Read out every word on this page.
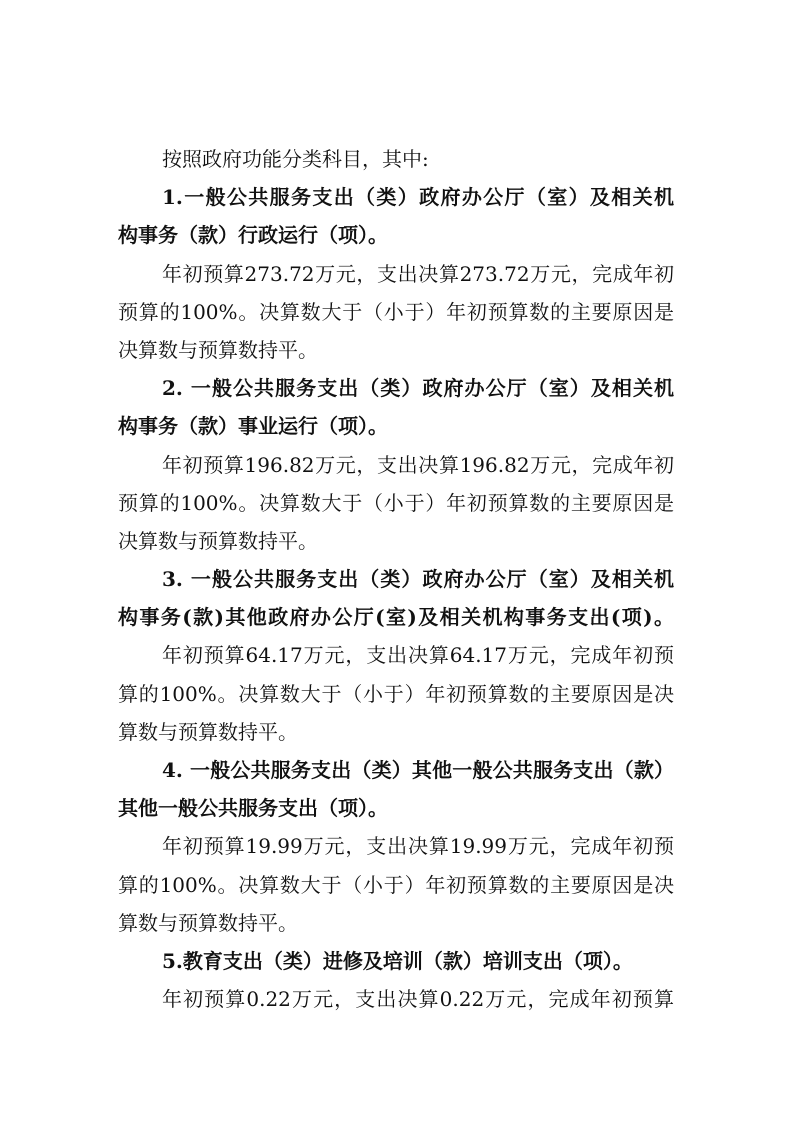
按照政府功能分类科目，其中:
1.一般公共服务支出（类）政府办公厅（室）及相关机
构事务（款）行政运行（项）。
年初预算273.72万元，支出决算273.72万元，完成年初
预算的100%。决算数大于（小于）年初预算数的主要原因是
决算数与预算数持平。
2. 一般公共服务支出（类）政府办公厅（室）及相关机
构事务（款）事业运行（项）。
年初预算196.82万元，支出决算196.82万元，完成年初
预算的100%。决算数大于（小于）年初预算数的主要原因是
决算数与预算数持平。
3. 一般公共服务支出（类）政府办公厅（室）及相关机
构事务(款)其他政府办公厅(室)及相关机构事务支出(项)。
年初预算64.17万元，支出决算64.17万元，完成年初预
算的100%。决算数大于（小于）年初预算数的主要原因是决
算数与预算数持平。
4. 一般公共服务支出（类）其他一般公共服务支出（款）
其他一般公共服务支出（项）。
年初预算19.99万元，支出决算19.99万元，完成年初预
算的100%。决算数大于（小于）年初预算数的主要原因是决
算数与预算数持平。
5.教育支出（类）进修及培训（款）培训支出（项）。
年初预算0.22万元，支出决算0.22万元，完成年初预算
